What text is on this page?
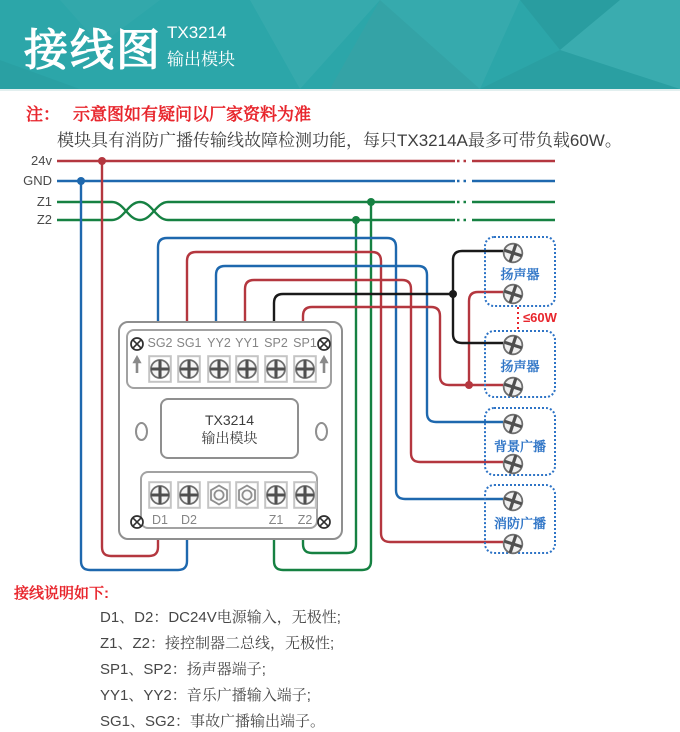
接线图 TX3214
输出模块
注： 示意图如有疑问以厂家资料为准
模块具有消防广播传输线故障检测功能，每只TX3214A最多可带负载60W。
24v
GND
Z1
Z2
SG2 SG1 YY2 YY1 SP2 SP1
TX3214
输出模块
D1	D2	Z1	Z2
扬声器
≤60W
扬声器
背景广播
消防广播
接线说明如下:
D1、D2：DC24V电源输入，无极性;
Z1、Z2：接控制器二总线，无极性;
SP1、SP2：扬声器端子;
YY1、YY2：音乐广播输入端子;
SG1、SG2：事故广播输出端子。
